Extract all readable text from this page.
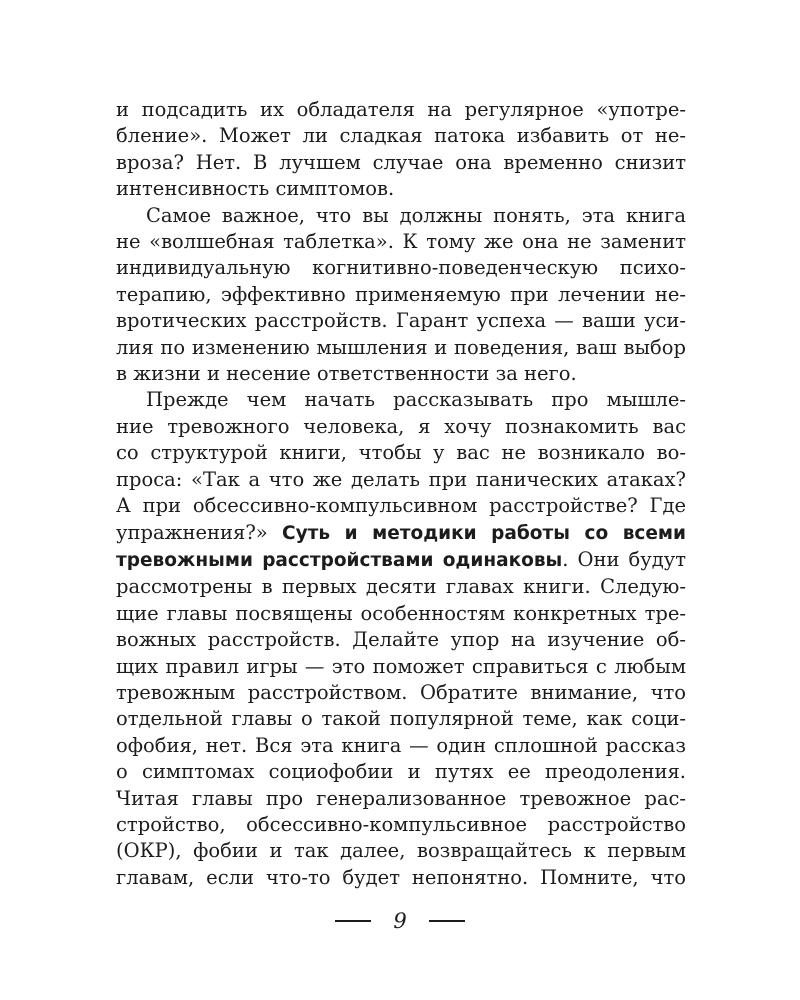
и подсадить их обладателя на регулярное «употре-
бление». Может ли сладкая патока избавить от не-
вроза? Нет. В лучшем случае она временно снизит
интенсивность симптомов.
Самое важное, что вы должны понять, эта книга
не «волшебная таблетка». К тому же она не заменит
индивидуальную когнитивно-поведенческую психо-
терапию, эффективно применяемую при лечении не-
вротических расстройств. Гарант успеха — ваши уси-
лия по изменению мышления и поведения, ваш выбор
в жизни и несение ответственности за него.
Прежде чем начать рассказывать про мышле-
ние тревожного человека, я хочу познакомить вас
со структурой книги, чтобы у вас не возникало во-
проса: «Так а что же делать при панических атаках?
А при обсессивно-компульсивном расстройстве? Где
упражнения?» Суть и методики работы со всеми
тревожными расстройствами одинаковы. Они будут
рассмотрены в первых десяти главах книги. Следую-
щие главы посвящены особенностям конкретных тре-
вожных расстройств. Делайте упор на изучение об-
щих правил игры — это поможет справиться с любым
тревожным расстройством. Обратите внимание, что
отдельной главы о такой популярной теме, как соци-
офобия, нет. Вся эта книга — один сплошной рассказ
о симптомах социофобии и путях ее преодоления.
Читая главы про генерализованное тревожное рас-
стройство, обсессивно-компульсивное расстройство
(ОКР), фобии и так далее, возвращайтесь к первым
главам, если что-то будет непонятно. Помните, что
9
